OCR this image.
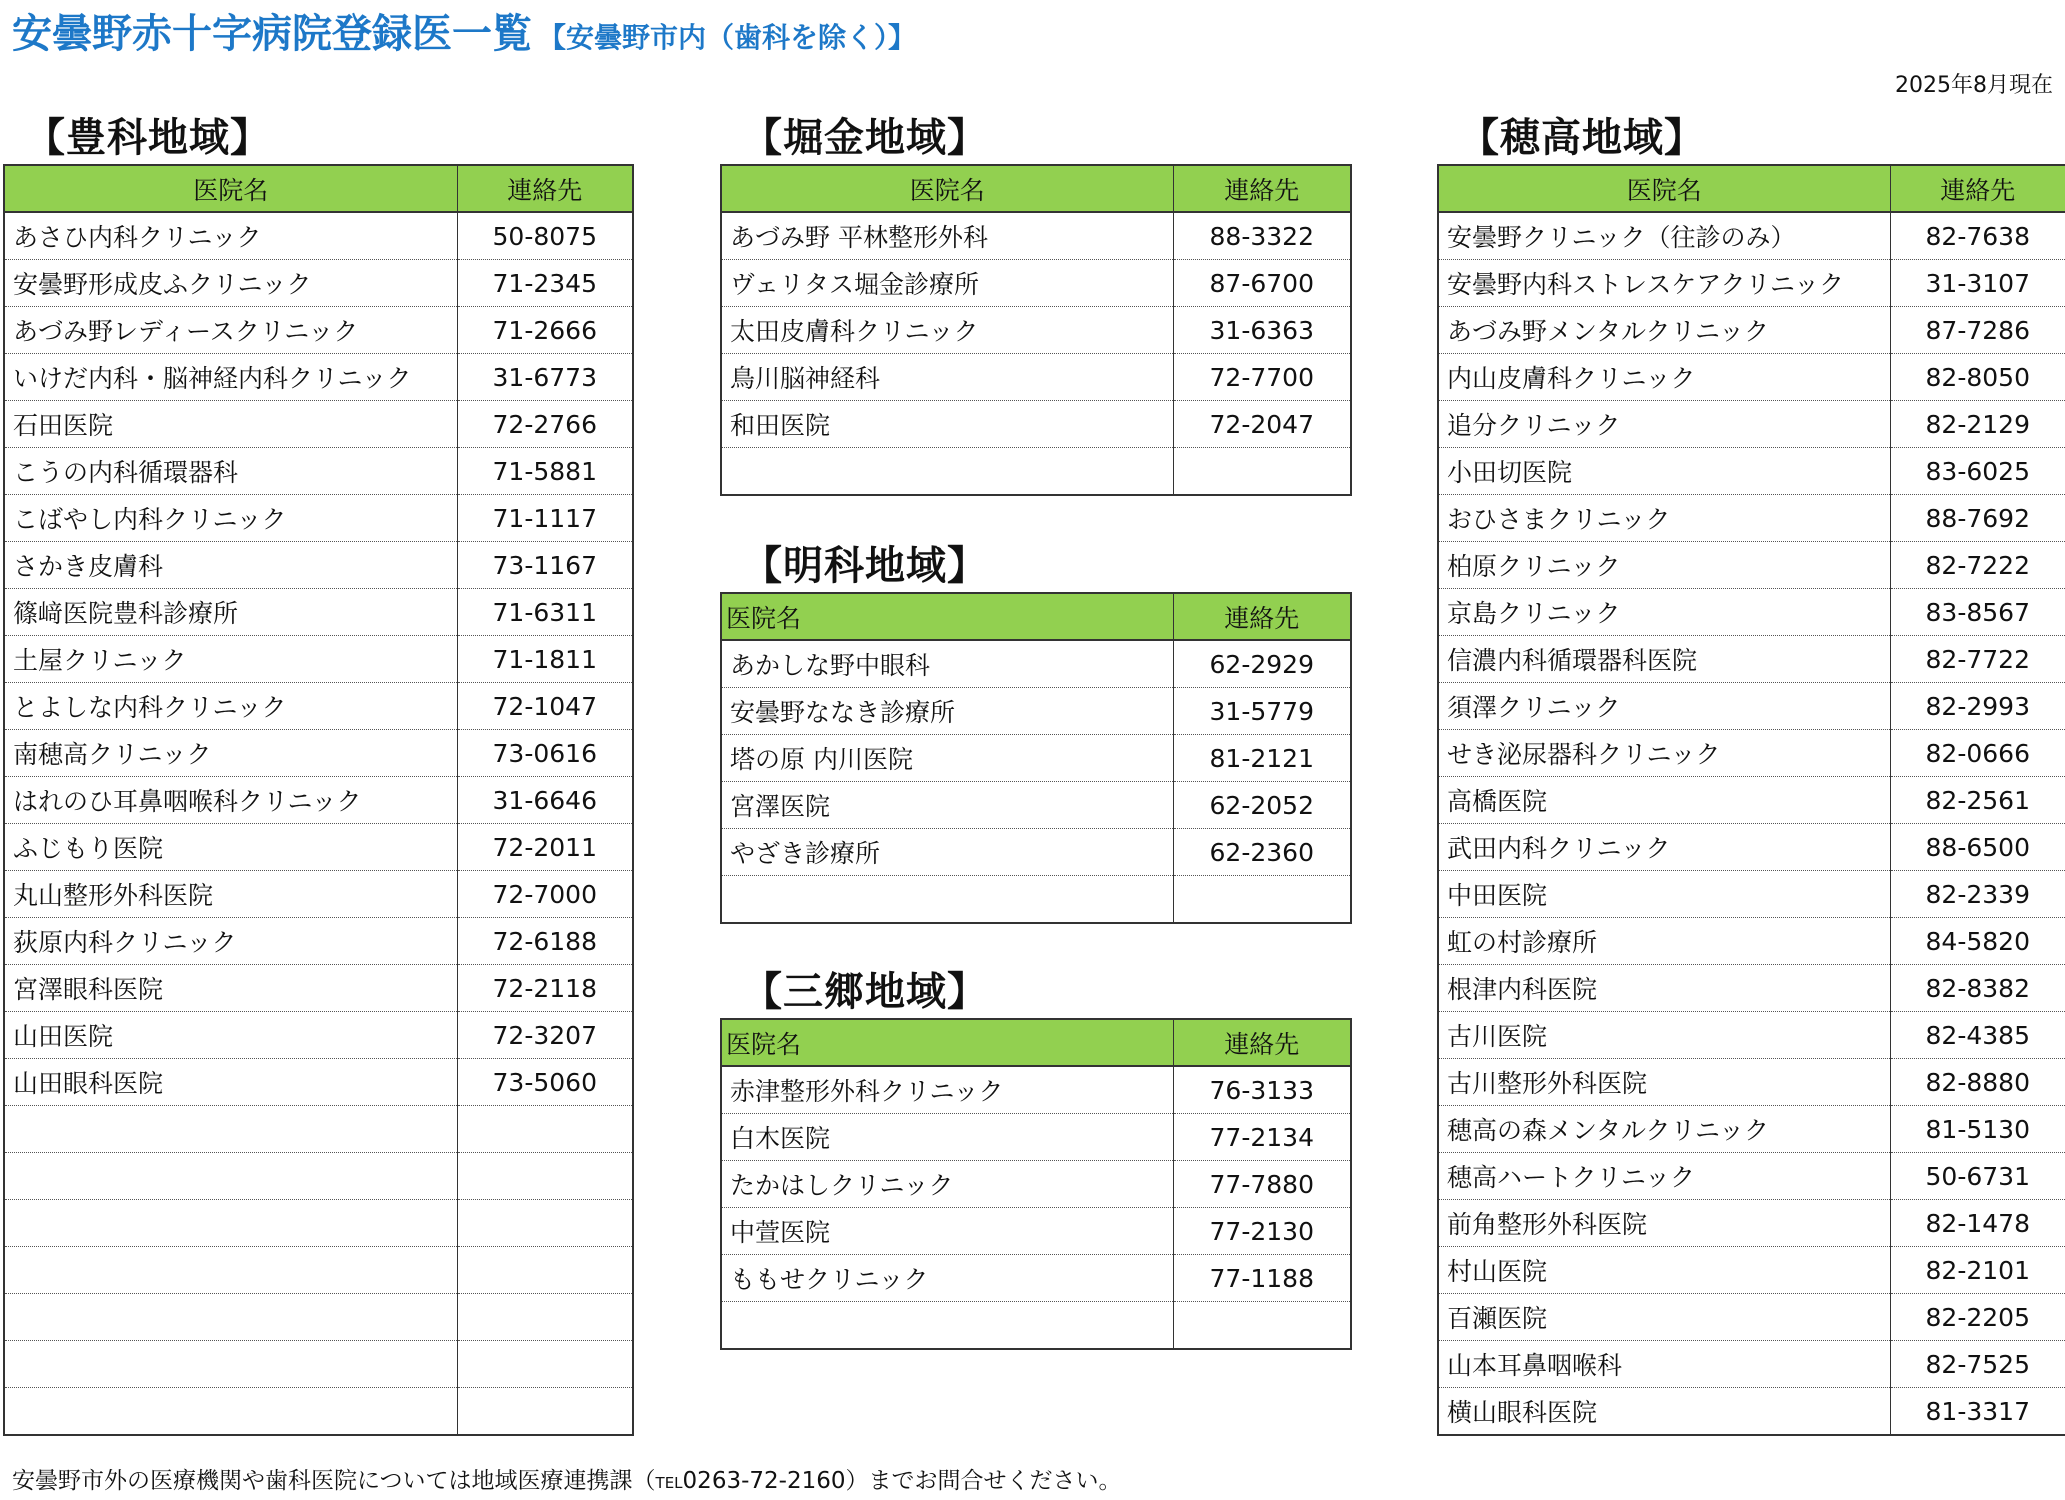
安曇野赤十字病院登録医一覧 【安曇野市内（歯科を除く）】
2025年8月現在
【豊科地域】
医院名	連絡先
あさひ内科クリニック	50-8075
安曇野形成皮ふクリニック	71-2345
あづみ野レディースクリニック	71-2666
いけだ内科・脳神経内科クリニック	31-6773
石田医院	72-2766
こうの内科循環器科	71-5881
こばやし内科クリニック	71-1117
さかき皮膚科	73-1167
篠﨑医院豊科診療所	71-6311
土屋クリニック	71-1811
とよしな内科クリニック	72-1047
南穂高クリニック	73-0616
はれのひ耳鼻咽喉科クリニック	31-6646
ふじもり医院	72-2011
丸山整形外科医院	72-7000
荻原内科クリニック	72-6188
宮澤眼科医院	72-2118
山田医院	72-3207
山田眼科医院	73-5060

【堀金地域】
医院名	連絡先
あづみ野 平林整形外科	88-3322
ヴェリタス堀金診療所	87-6700
太田皮膚科クリニック	31-6363
鳥川脳神経科	72-7700
和田医院	72-2047

【明科地域】
医院名	連絡先
あかしな野中眼科	62-2929
安曇野ななき診療所	31-5779
塔の原 内川医院	81-2121
宮澤医院	62-2052
やざき診療所	62-2360

【三郷地域】
医院名	連絡先
赤津整形外科クリニック	76-3133
白木医院	77-2134
たかはしクリニック	77-7880
中萱医院	77-2130
ももせクリニック	77-1188

【穂高地域】
医院名	連絡先
安曇野クリニック（往診のみ）	82-7638
安曇野内科ストレスケアクリニック	31-3107
あづみ野メンタルクリニック	87-7286
内山皮膚科クリニック	82-8050
追分クリニック	82-2129
小田切医院	83-6025
おひさまクリニック	88-7692
柏原クリニック	82-7222
京島クリニック	83-8567
信濃内科循環器科医院	82-7722
須澤クリニック	82-2993
せき泌尿器科クリニック	82-0666
高橋医院	82-2561
武田内科クリニック	88-6500
中田医院	82-2339
虹の村診療所	84-5820
根津内科医院	82-8382
古川医院	82-4385
古川整形外科医院	82-8880
穂高の森メンタルクリニック	81-5130
穂高ハートクリニック	50-6731
前角整形外科医院	82-1478
村山医院	82-2101
百瀬医院	82-2205
山本耳鼻咽喉科	82-7525
横山眼科医院	81-3317
安曇野市外の医療機関や歯科医院については地域医療連携課（TEL0263-72-2160）までお問合せください。
